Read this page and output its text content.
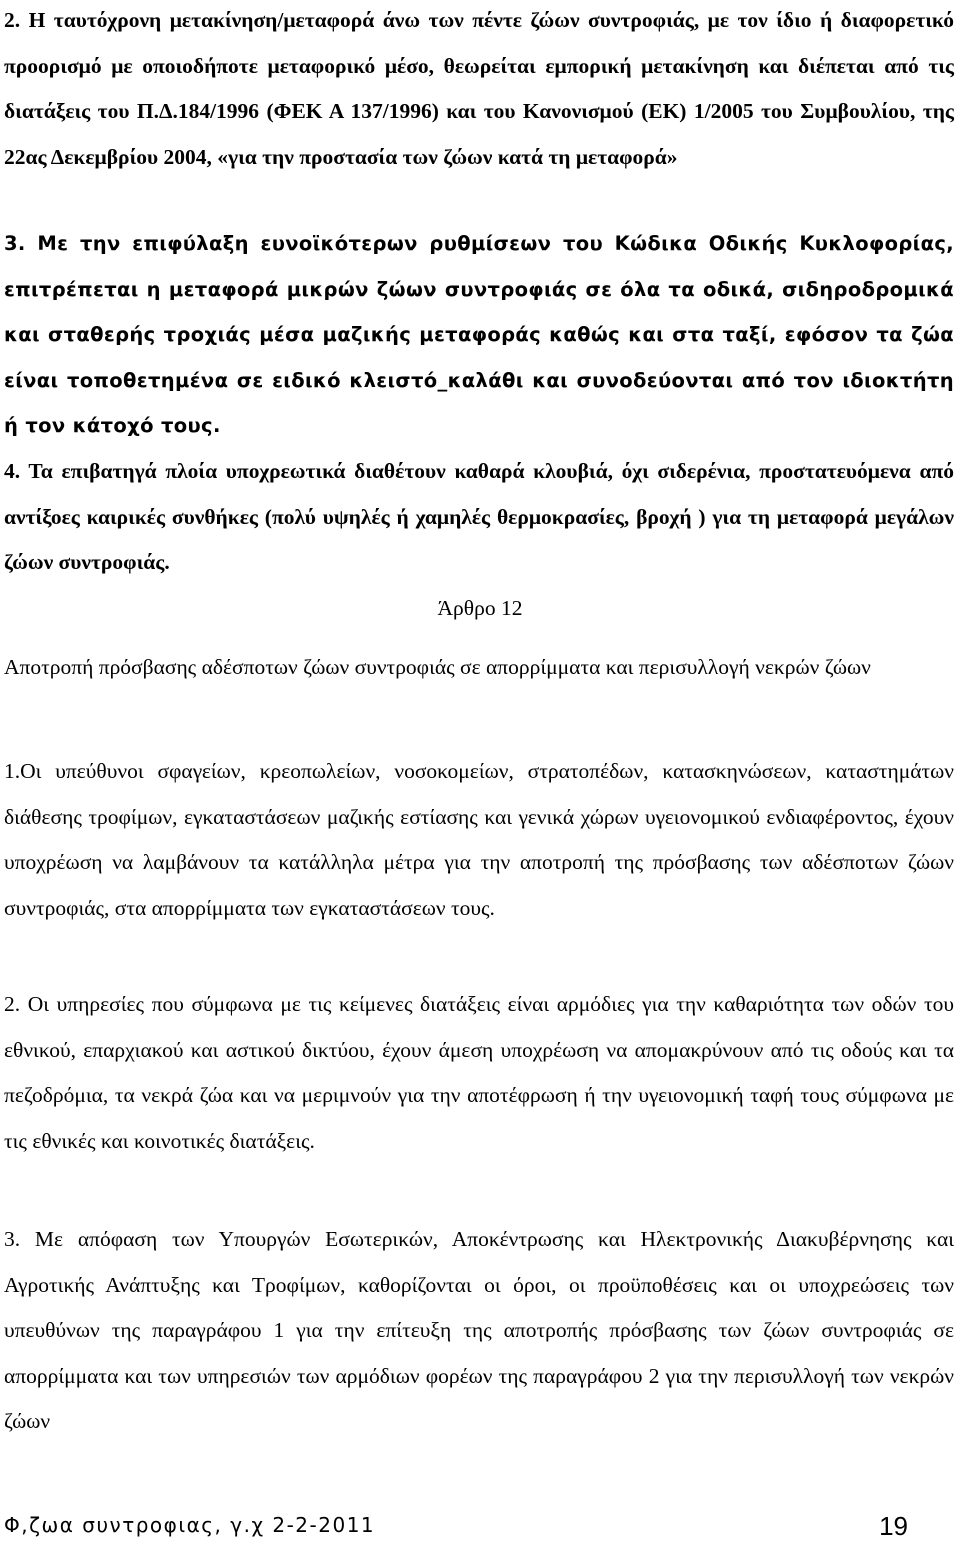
2. Η ταυτόχρονη μετακίνηση/μεταφορά άνω των πέντε ζώων συντροφιάς, με τον ίδιο ή διαφορετικό προορισμό με οποιοδήποτε μεταφορικό μέσο, θεωρείται εμπορική μετακίνηση και διέπεται από τις διατάξεις του Π.Δ.184/1996 (ΦΕΚ Α 137/1996) και του Κανονισμού (ΕΚ) 1/2005 του Συμβουλίου, της 22ας Δεκεμβρίου 2004, «για την προστασία των ζώων κατά τη μεταφορά»

3. Με την επιφύλαξη ευνοϊκότερων ρυθμίσεων του Κώδικα Οδικής Κυκλοφορίας, επιτρέπεται η μεταφορά μικρών ζώων συντροφιάς σε όλα τα οδικά, σιδηροδρομικά και σταθερής τροχιάς μέσα μαζικής μεταφοράς καθώς και στα ταξί, εφόσον τα ζώα είναι τοποθετημένα σε ειδικό κλειστό_καλάθι και συνοδεύονται από τον ιδιοκτήτη ή τον κάτοχό τους.

4. Τα επιβατηγά πλοία υποχρεωτικά διαθέτουν καθαρά κλουβιά, όχι σιδερένια, προστατευόμενα από αντίξοες καιρικές συνθήκες (πολύ υψηλές ή χαμηλές θερμοκρασίες, βροχή ) για τη μεταφορά μεγάλων ζώων συντροφιάς.

Άρθρο 12

Αποτροπή πρόσβασης αδέσποτων ζώων συντροφιάς σε απορρίμματα και περισυλλογή νεκρών ζώων

1.Οι υπεύθυνοι σφαγείων, κρεοπωλείων, νοσοκομείων, στρατοπέδων, κατασκηνώσεων, καταστημάτων διάθεσης τροφίμων, εγκαταστάσεων μαζικής εστίασης και γενικά χώρων υγειονομικού ενδιαφέροντος, έχουν υποχρέωση να λαμβάνουν τα κατάλληλα μέτρα για την αποτροπή της πρόσβασης των αδέσποτων ζώων συντροφιάς, στα απορρίμματα των εγκαταστάσεων τους.

2. Οι υπηρεσίες που σύμφωνα με τις κείμενες διατάξεις είναι αρμόδιες για την καθαριότητα των οδών του εθνικού, επαρχιακού και αστικού δικτύου, έχουν άμεση υποχρέωση να απομακρύνουν από τις οδούς και τα πεζοδρόμια, τα νεκρά ζώα και να μεριμνούν για την αποτέφρωση ή την υγειονομική ταφή τους σύμφωνα με τις εθνικές και κοινοτικές διατάξεις.

3. Με απόφαση των Υπουργών Εσωτερικών, Αποκέντρωσης και Ηλεκτρονικής Διακυβέρνησης και Αγροτικής Ανάπτυξης και Τροφίμων, καθορίζονται οι όροι, οι προϋποθέσεις και οι υποχρεώσεις των υπευθύνων της παραγράφου 1 για την επίτευξη της αποτροπής πρόσβασης των ζώων συντροφιάς σε απορρίμματα και των υπηρεσιών των αρμόδιων φορέων της παραγράφου 2 για την περισυλλογή των νεκρών ζώων

Φ,ζωα συντροφιας, γ.χ 2-2-2011	19
